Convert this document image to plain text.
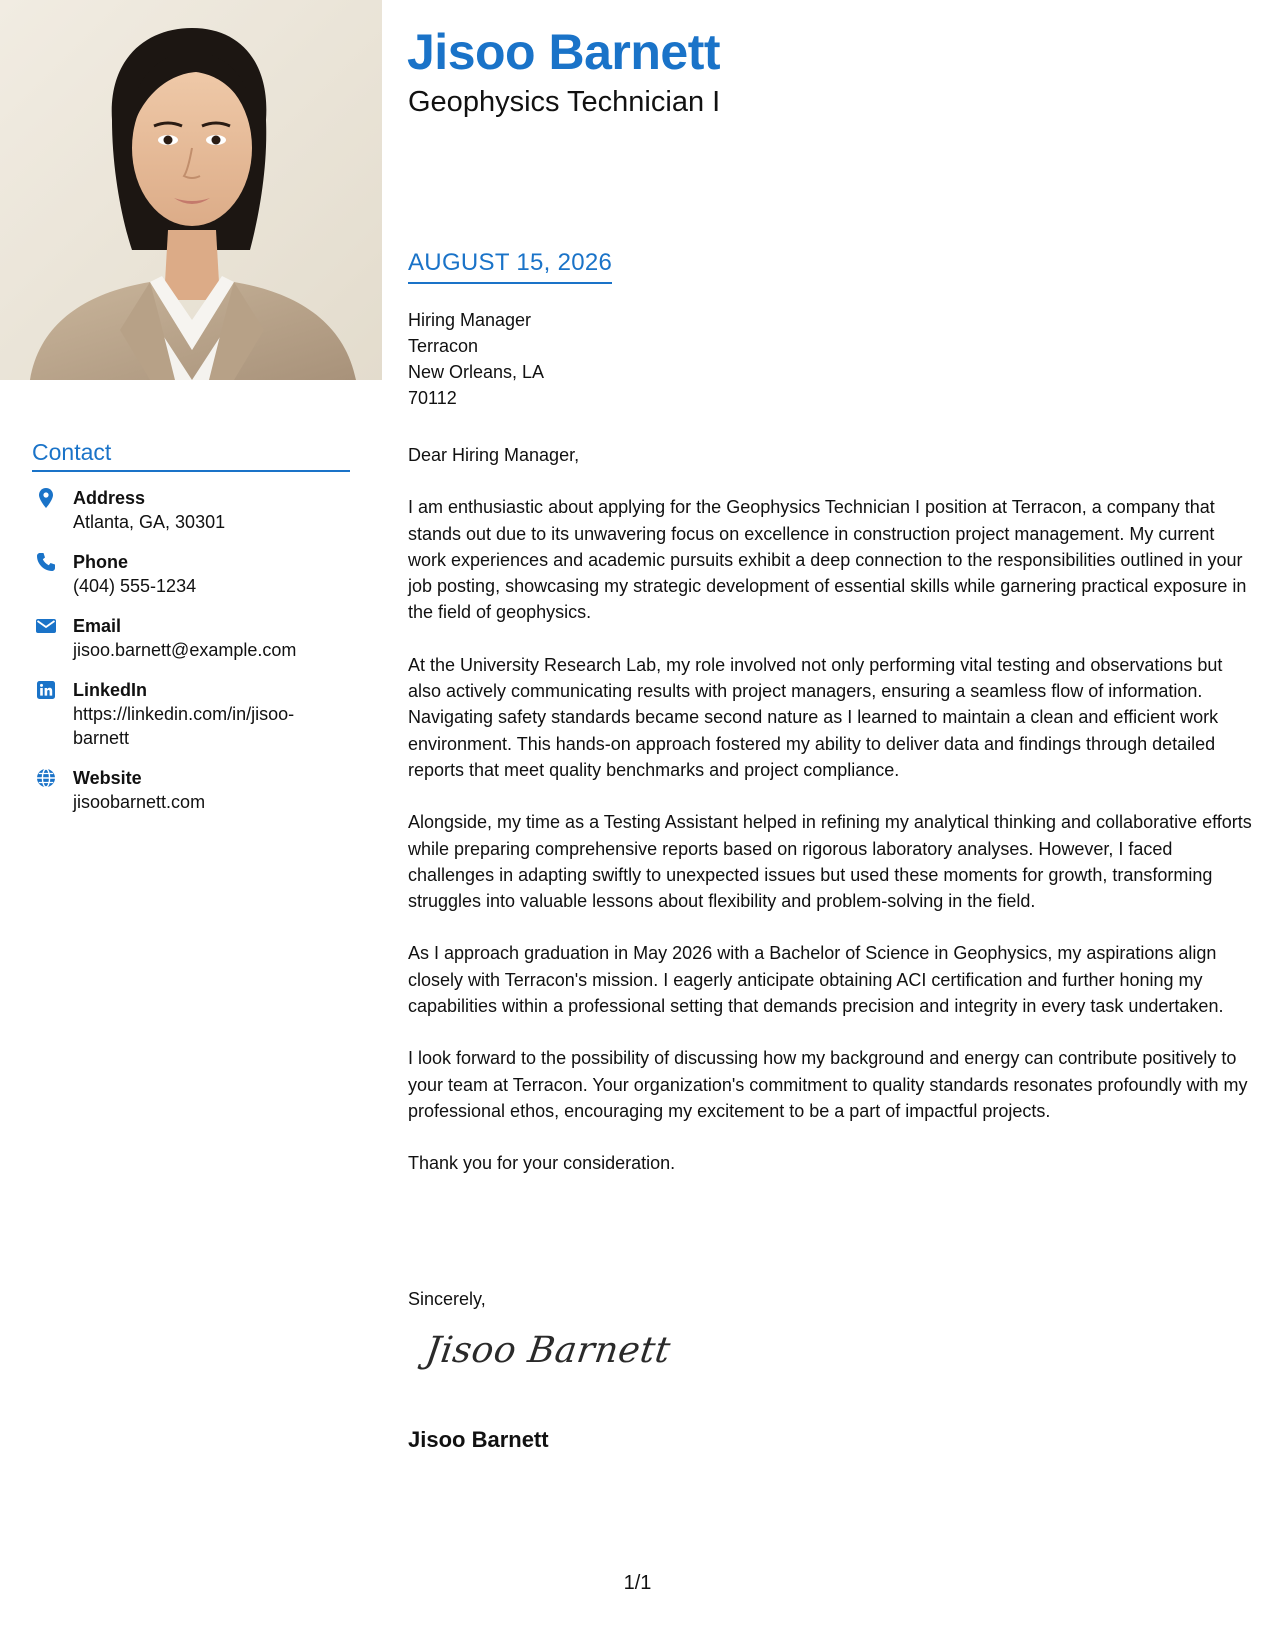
Contact
Address
Atlanta, GA, 30301
Phone
(404) 555-1234
Email
jisoo.barnett@example.com
LinkedIn
https://linkedin.com/in/jisoo-barnett
Website
jisoobarnett.com
Jisoo Barnett
Geophysics Technician I
AUGUST 15, 2026
Hiring Manager
Terracon
New Orleans, LA
70112

Dear Hiring Manager,

I am enthusiastic about applying for the Geophysics Technician I position at Terracon, a company that stands out due to its unwavering focus on excellence in construction project management. My current work experiences and academic pursuits exhibit a deep connection to the responsibilities outlined in your job posting, showcasing my strategic development of essential skills while garnering practical exposure in the field of geophysics.

At the University Research Lab, my role involved not only performing vital testing and observations but also actively communicating results with project managers, ensuring a seamless flow of information. Navigating safety standards became second nature as I learned to maintain a clean and efficient work environment. This hands-on approach fostered my ability to deliver data and findings through detailed reports that meet quality benchmarks and project compliance.

Alongside, my time as a Testing Assistant helped in refining my analytical thinking and collaborative efforts while preparing comprehensive reports based on rigorous laboratory analyses. However, I faced challenges in adapting swiftly to unexpected issues but used these moments for growth, transforming struggles into valuable lessons about flexibility and problem-solving in the field.

As I approach graduation in May 2026 with a Bachelor of Science in Geophysics, my aspirations align closely with Terracon's mission. I eagerly anticipate obtaining ACI certification and further honing my capabilities within a professional setting that demands precision and integrity in every task undertaken.

I look forward to the possibility of discussing how my background and energy can contribute positively to your team at Terracon. Your organization's commitment to quality standards resonates profoundly with my professional ethos, encouraging my excitement to be a part of impactful projects.

Thank you for your consideration.

Sincerely,
Jisoo Barnett
Jisoo Barnett
1/1
